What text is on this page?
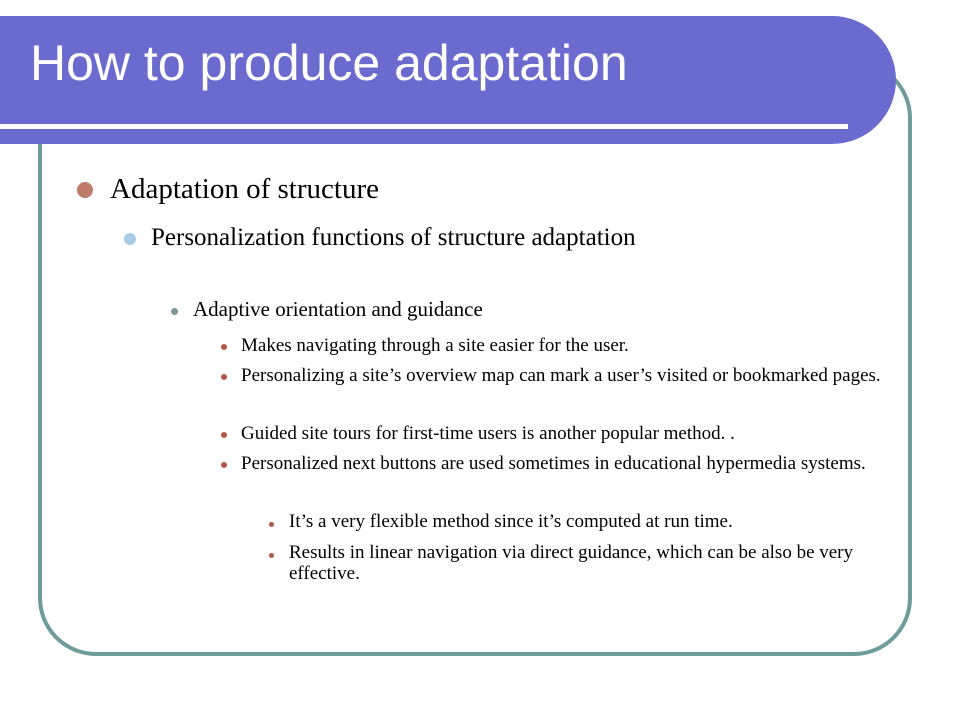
How to produce adaptation
Adaptation of structure
Personalization functions of structure adaptation
Adaptive orientation and guidance
Makes navigating through a site easier for the user.
Personalizing a site’s overview map can mark a user’s visited or bookmarked pages.
Guided site tours for first-time users is another popular method. .
Personalized next buttons are used sometimes in educational hypermedia systems.
It’s a very flexible method since it’s computed at run time.
Results in linear navigation via direct guidance, which can be also be very effective.
